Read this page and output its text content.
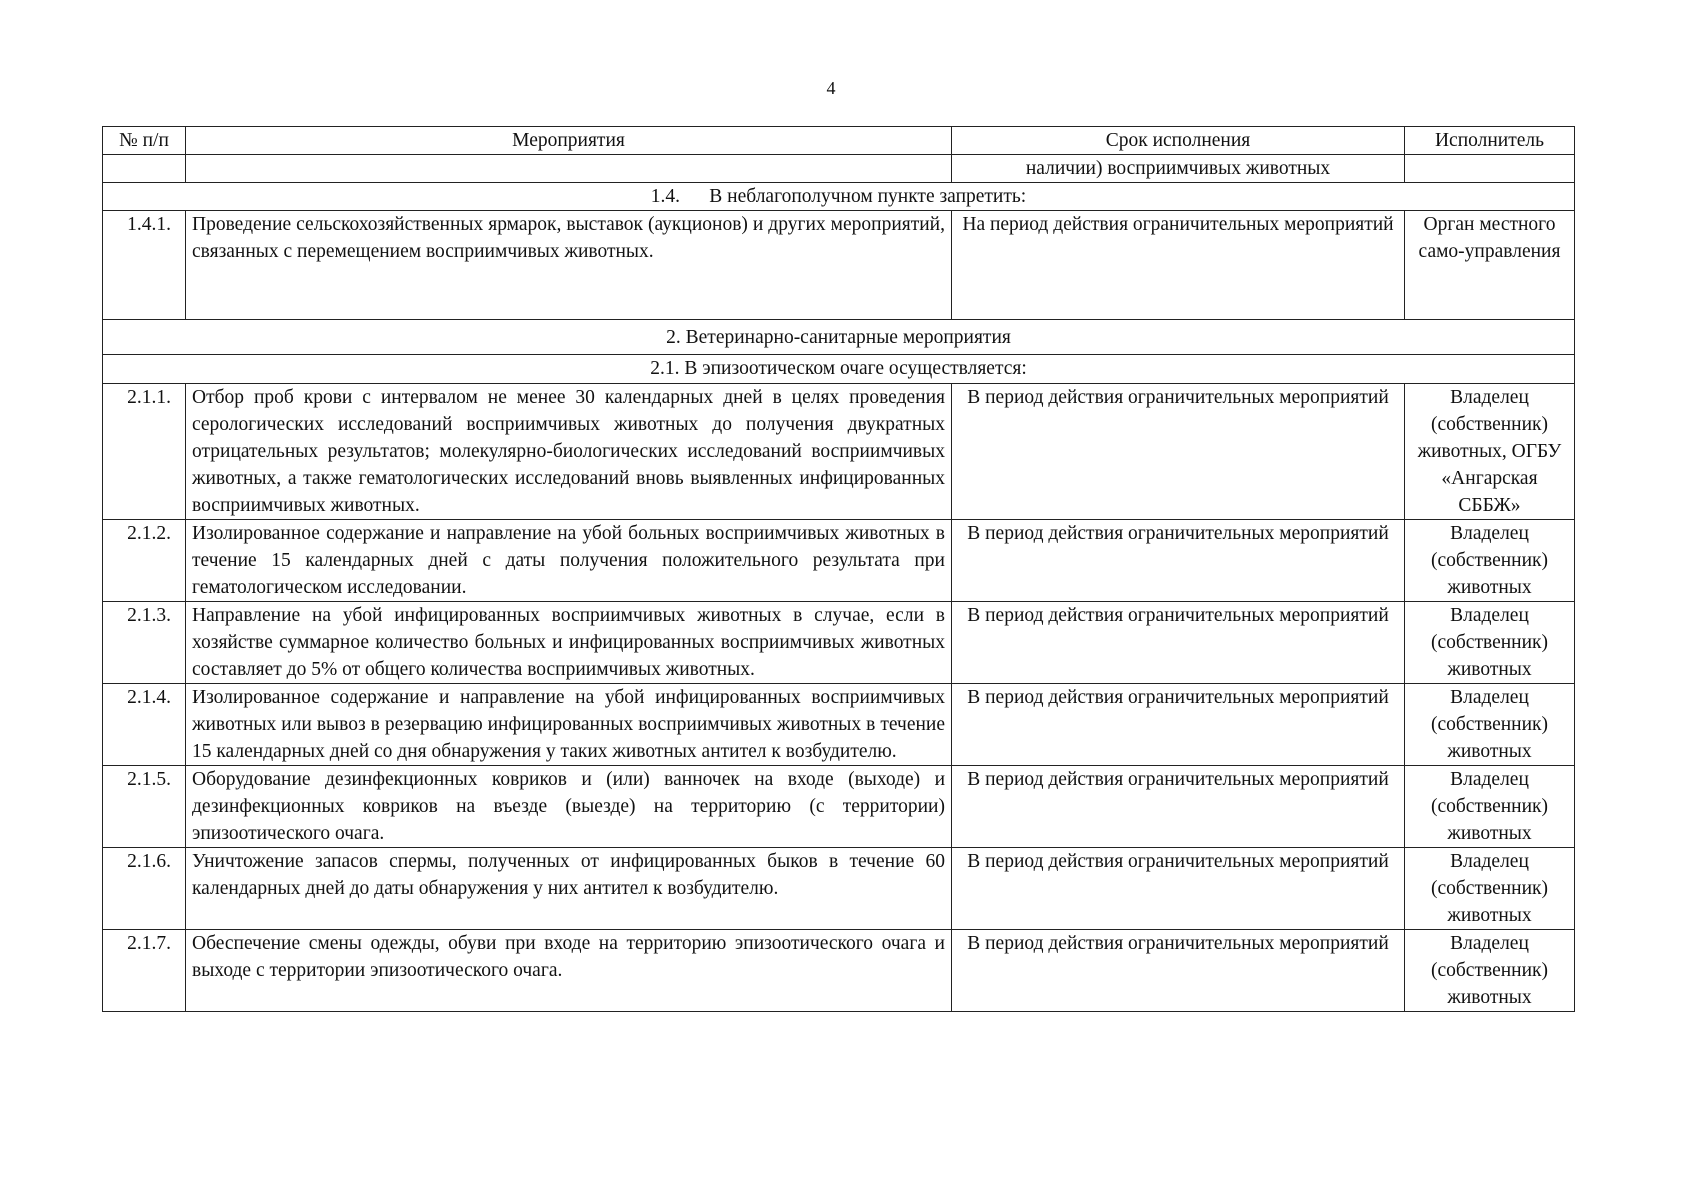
4
№ п/п	Мероприятия	Срок исполнения	Исполнитель
		наличии) восприимчивых животных	
1.4.      В неблагополучном пункте запретить:			
1.4.1.	Проведение сельскохозяйственных ярмарок, выставок (аукционов) и других мероприятий, связанных с перемещением восприимчивых животных.	На период действия ограничительных мероприятий	Орган местного само-управления
2. Ветеринарно-санитарные мероприятия			
2.1. В эпизоотическом очаге осуществляется:			
2.1.1.	Отбор проб крови с интервалом не менее 30 календарных дней в целях проведения серологических исследований восприимчивых животных до получения двукратных отрицательных результатов; молекулярно-биологических исследований восприимчивых животных, а также гематологических исследований вновь выявленных инфицированных восприимчивых животных.	В период действия ограничительных мероприятий	Владелец (собственник) животных, ОГБУ «Ангарская СББЖ»
2.1.2.	Изолированное содержание и направление на убой больных восприимчивых животных в течение 15 календарных дней с даты получения положительного результата при гематологическом исследовании.	В период действия ограничительных мероприятий	Владелец (собственник) животных
2.1.3.	Направление на убой инфицированных восприимчивых животных в случае, если в хозяйстве суммарное количество больных и инфицированных восприимчивых животных составляет до 5% от общего количества восприимчивых животных.	В период действия ограничительных мероприятий	Владелец (собственник) животных
2.1.4.	Изолированное содержание и направление на убой инфицированных восприимчивых животных или вывоз в резервацию инфицированных восприимчивых животных в течение 15 календарных дней со дня обнаружения у таких животных антител к возбудителю.	В период действия ограничительных мероприятий	Владелец (собственник) животных
2.1.5.	Оборудование дезинфекционных ковриков и (или) ванночек на входе (выходе) и дезинфекционных ковриков на въезде (выезде) на территорию (с территории) эпизоотического очага.	В период действия ограничительных мероприятий	Владелец (собственник) животных
2.1.6.	Уничтожение запасов спермы, полученных от инфицированных быков в течение 60 календарных дней до даты обнаружения у них антител к возбудителю.	В период действия ограничительных мероприятий	Владелец (собственник) животных
2.1.7.	Обеспечение смены одежды, обуви при входе на территорию эпизоотического очага и выходе с территории эпизоотического очага.	В период действия ограничительных мероприятий	Владелец (собственник) животных
